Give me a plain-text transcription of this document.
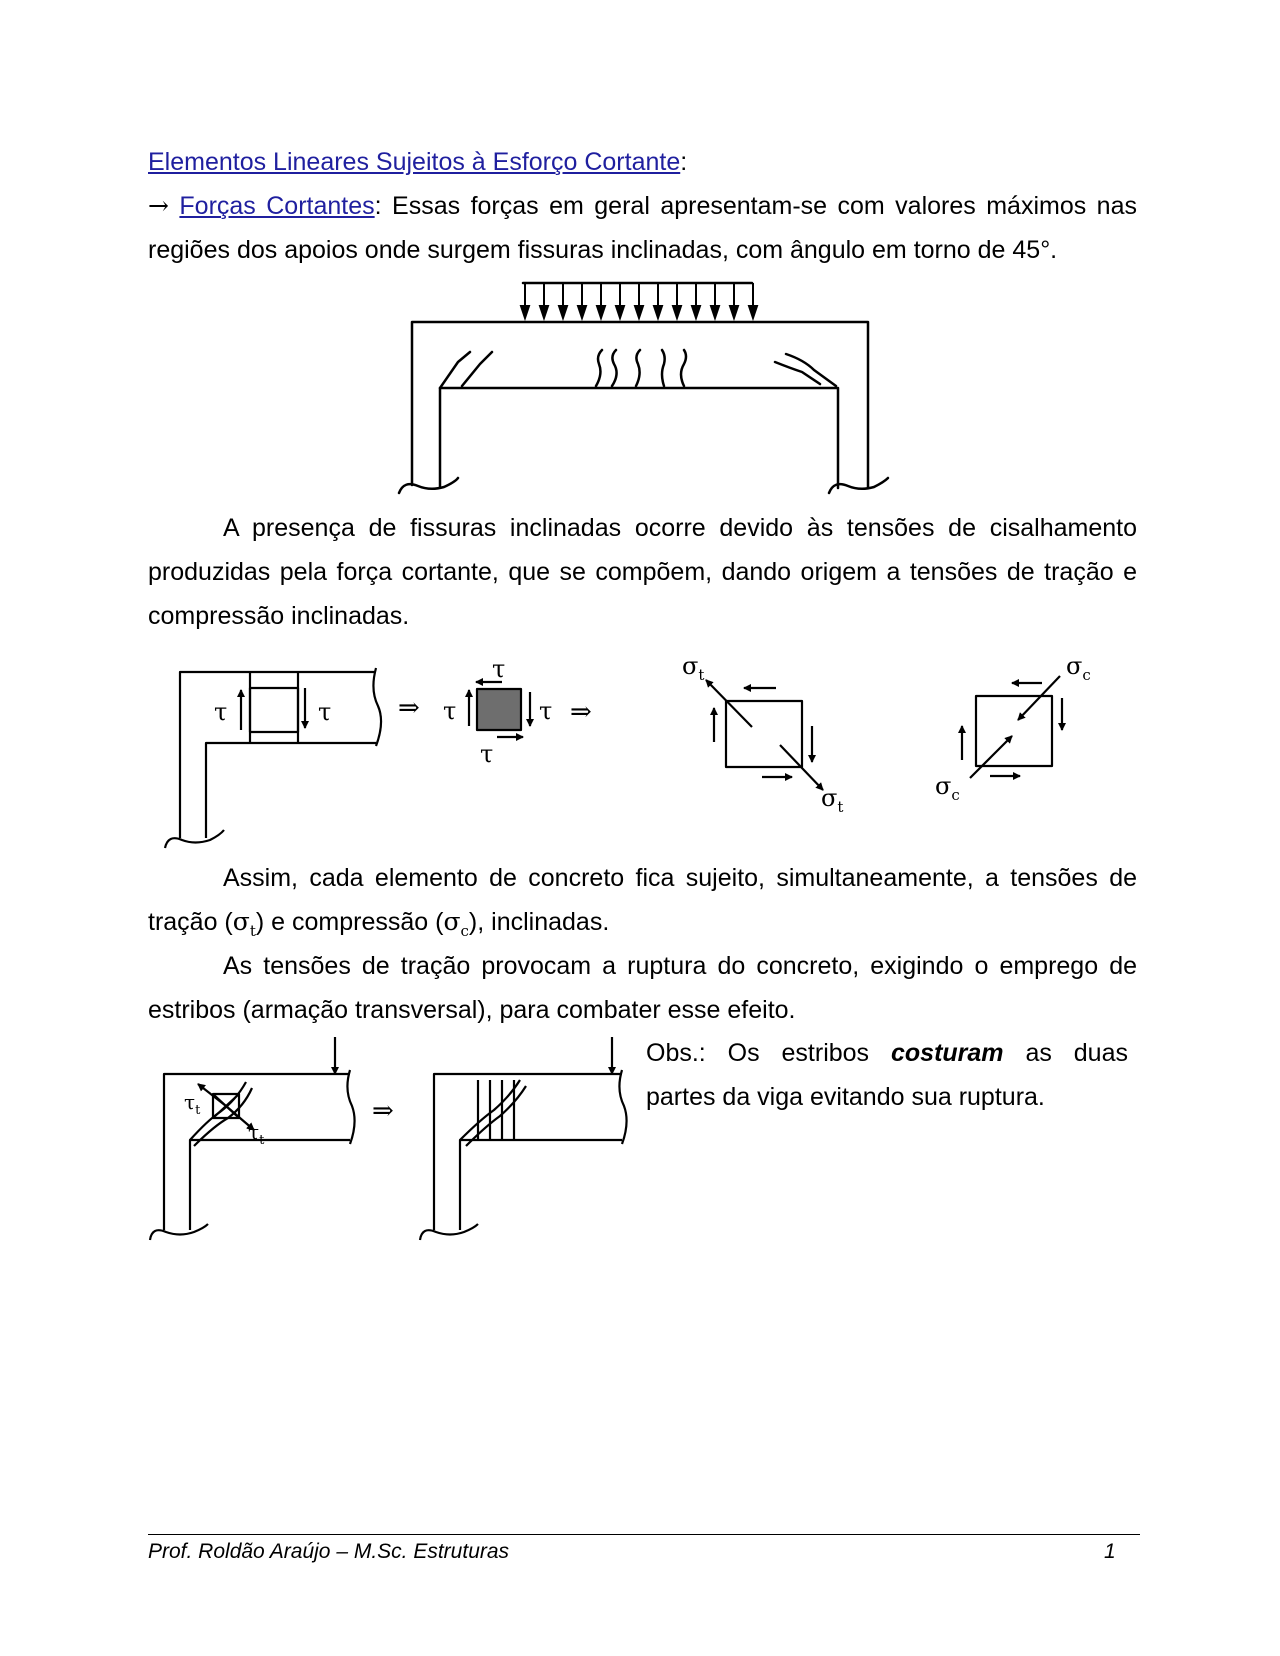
Elementos Lineares Sujeitos à Esforço Cortante:
→ Forças Cortantes: Essas forças em geral apresentam-se com valores máximos nas
regiões dos apoios onde surgem fissuras inclinadas, com ângulo em torno de 45°.
A presença de fissuras inclinadas ocorre devido às tensões de cisalhamento
produzidas pela força cortante, que se compõem, dando origem a tensões de tração e
compressão inclinadas.
τ	τ	⇒
τ
τ	τ
τ
⇒
$\sigma_t$
$\sigma_t$
$\sigma_c$
$\sigma_c$
Assim, cada elemento de concreto fica sujeito, simultaneamente, a tensões de
tração $(\sigma_t)$ e compressão $(\sigma_c)$, inclinadas.
As tensões de tração provocam a ruptura do concreto, exigindo o emprego de
estribos (armação transversal), para combater esse efeito.
$\tau_t$
$\tau_t$
⇒
Obs.: Os estribos costuram as duas
partes da viga evitando sua ruptura.
Prof. Roldão Araújo – M.Sc. Estruturas	1
